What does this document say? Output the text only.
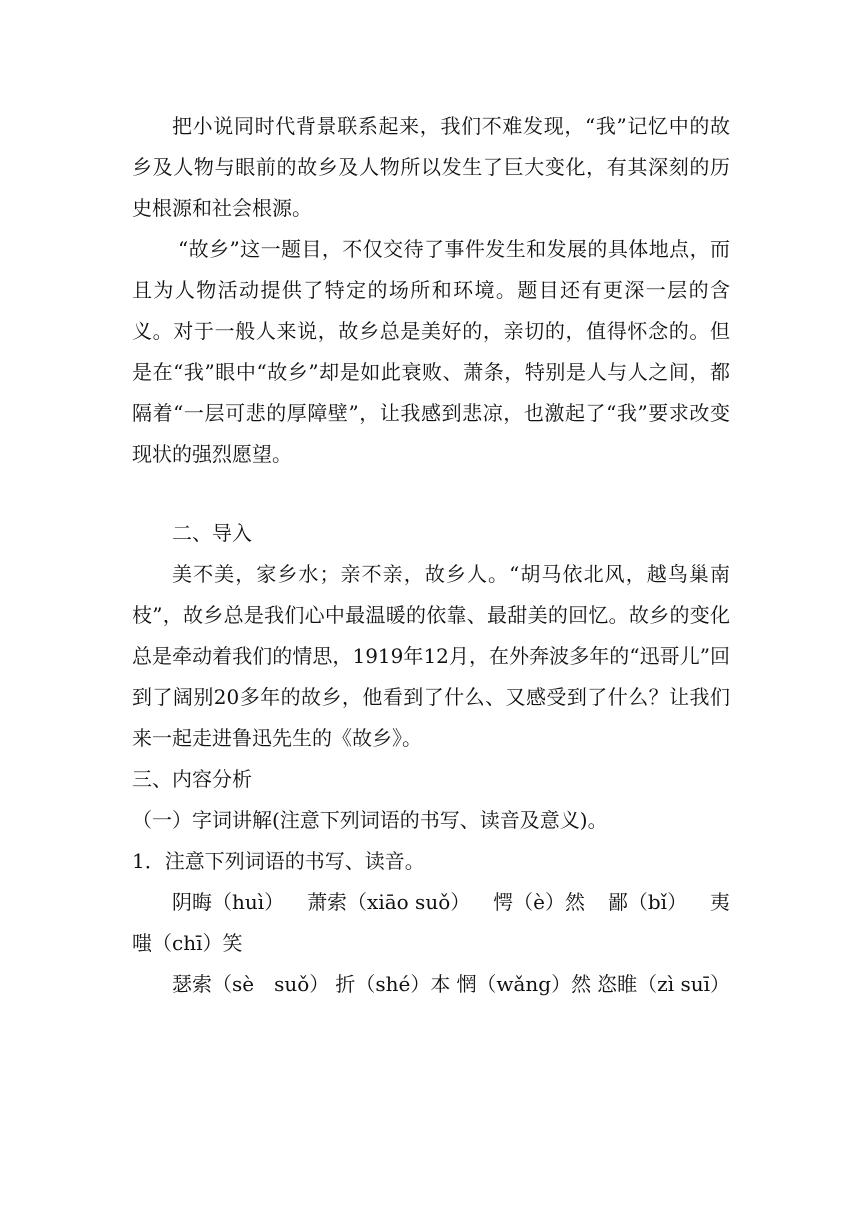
把小说同时代背景联系起来，我们不难发现，“我”记忆中的故乡及人物与眼前的故乡及人物所以发生了巨大变化，有其深刻的历史根源和社会根源。

“故乡”这一题目，不仅交待了事件发生和发展的具体地点，而且为人物活动提供了特定的场所和环境。题目还有更深一层的含义。对于一般人来说，故乡总是美好的，亲切的，值得怀念的。但是在“我”眼中“故乡”却是如此衰败、萧条，特别是人与人之间，都隔着“一层可悲的厚障壁”，让我感到悲凉，也激起了“我”要求改变现状的强烈愿望。

二、导入

美不美，家乡水；亲不亲，故乡人。“胡马依北风，越鸟巢南枝”，故乡总是我们心中最温暖的依靠、最甜美的回忆。故乡的变化总是牵动着我们的情思，1919年12月，在外奔波多年的“迅哥儿”回到了阔别20多年的故乡，他看到了什么、又感受到了什么？让我们来一起走进鲁迅先生的《故乡》。

三、内容分析

（一）字词讲解(注意下列词语的书写、读音及意义)。

1．注意下列词语的书写、读音。

阴晦（huì） 萧索（xiāo suǒ） 愕（è）然 鄙（bǐ） 夷

嗤（chī）笑

瑟索（sè　suǒ） 折（shé）本 惘（wǎng）然 恣睢（zì suī）
